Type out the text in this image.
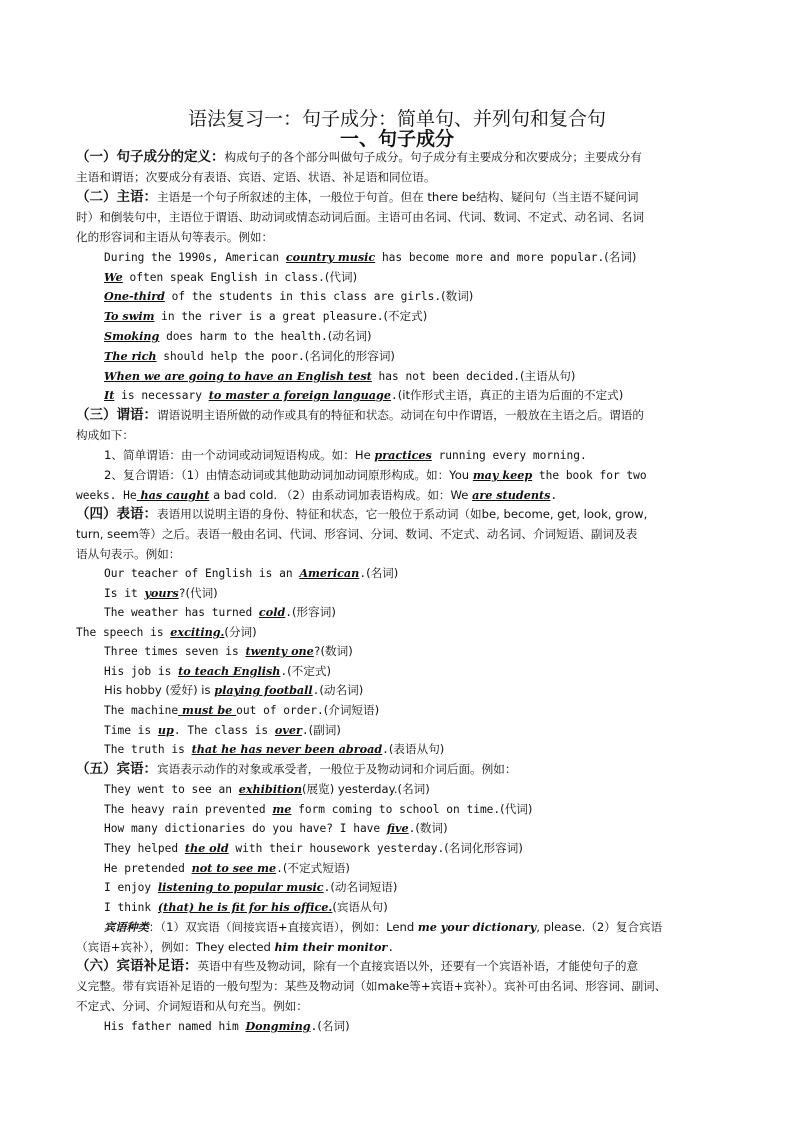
语法复习一：句子成分：简单句、并列句和复合句
一、句子成分
（一）句子成分的定义：构成句子的各个部分叫做句子成分。句子成分有主要成分和次要成分；主要成分有
主语和谓语；次要成分有表语、宾语、定语、状语、补足语和同位语。
（二）主语：主语是一个句子所叙述的主体，一般位于句首。但在 there be结构、疑问句（当主语不疑问词
时）和倒装句中，主语位于谓语、助动词或情态动词后面。主语可由名词、代词、数词、不定式、动名词、名词
化的形容词和主语从句等表示。例如：
During the 1990s, American country music has become more and more popular.(名词)
We often speak English in class.(代词)
One-third of the students in this class are girls.(数词)
To swim in the river is a great pleasure.(不定式)
Smoking does harm to the health.(动名词)
The rich should help the poor.(名词化的形容词)
When we are going to have an English test has not been decided.(主语从句)
It is necessary to master a foreign language.(it作形式主语，真正的主语为后面的不定式)
（三）谓语：谓语说明主语所做的动作或具有的特征和状态。动词在句中作谓语，一般放在主语之后。谓语的
构成如下：
1、简单谓语：由一个动词或动词短语构成。如：He practices running every morning.
2、复合谓语：（1）由情态动词或其他助动词加动词原形构成。如：You may keep the book for two
weeks. He has caught a bad cold. （2）由系动词加表语构成。如：We are students.
（四）表语：表语用以说明主语的身份、特征和状态，它一般位于系动词（如be, become, get, look, grow,
turn, seem等）之后。表语一般由名词、代词、形容词、分词、数词、不定式、动名词、介词短语、副词及表
语从句表示。例如：
Our teacher of English is an American.(名词)
Is it yours?(代词)
The weather has turned cold.(形容词)
The speech is exciting.(分词)
Three times seven is twenty one?(数词)
His job is to teach English.(不定式)
His hobby (爱好) is playing football.(动名词)
The machine must be out of order.(介词短语)
Time is up. The class is over.(副词)
The truth is that he has never been abroad.(表语从句)
（五）宾语：宾语表示动作的对象或承受者，一般位于及物动词和介词后面。例如：
They went to see an exhibition(展览) yesterday.(名词)
The heavy rain prevented me form coming to school on time.(代词)
How many dictionaries do you have? I have five.(数词)
They helped the old with their housework yesterday.(名词化形容词)
He pretended not to see me.(不定式短语)
I enjoy listening to popular music.(动名词短语)
I think (that) he is fit for his office.(宾语从句)
宾语种类：（1）双宾语（间接宾语+直接宾语），例如：Lend me your dictionary, please.（2）复合宾语
（宾语+宾补），例如：They elected him their monitor.
（六）宾语补足语：英语中有些及物动词，除有一个直接宾语以外，还要有一个宾语补语，才能使句子的意
义完整。带有宾语补足语的一般句型为：某些及物动词（如make等+宾语+宾补）。宾补可由名词、形容词、副词、
不定式、分词、介词短语和从句充当。例如：
His father named him Dongming.(名词)
